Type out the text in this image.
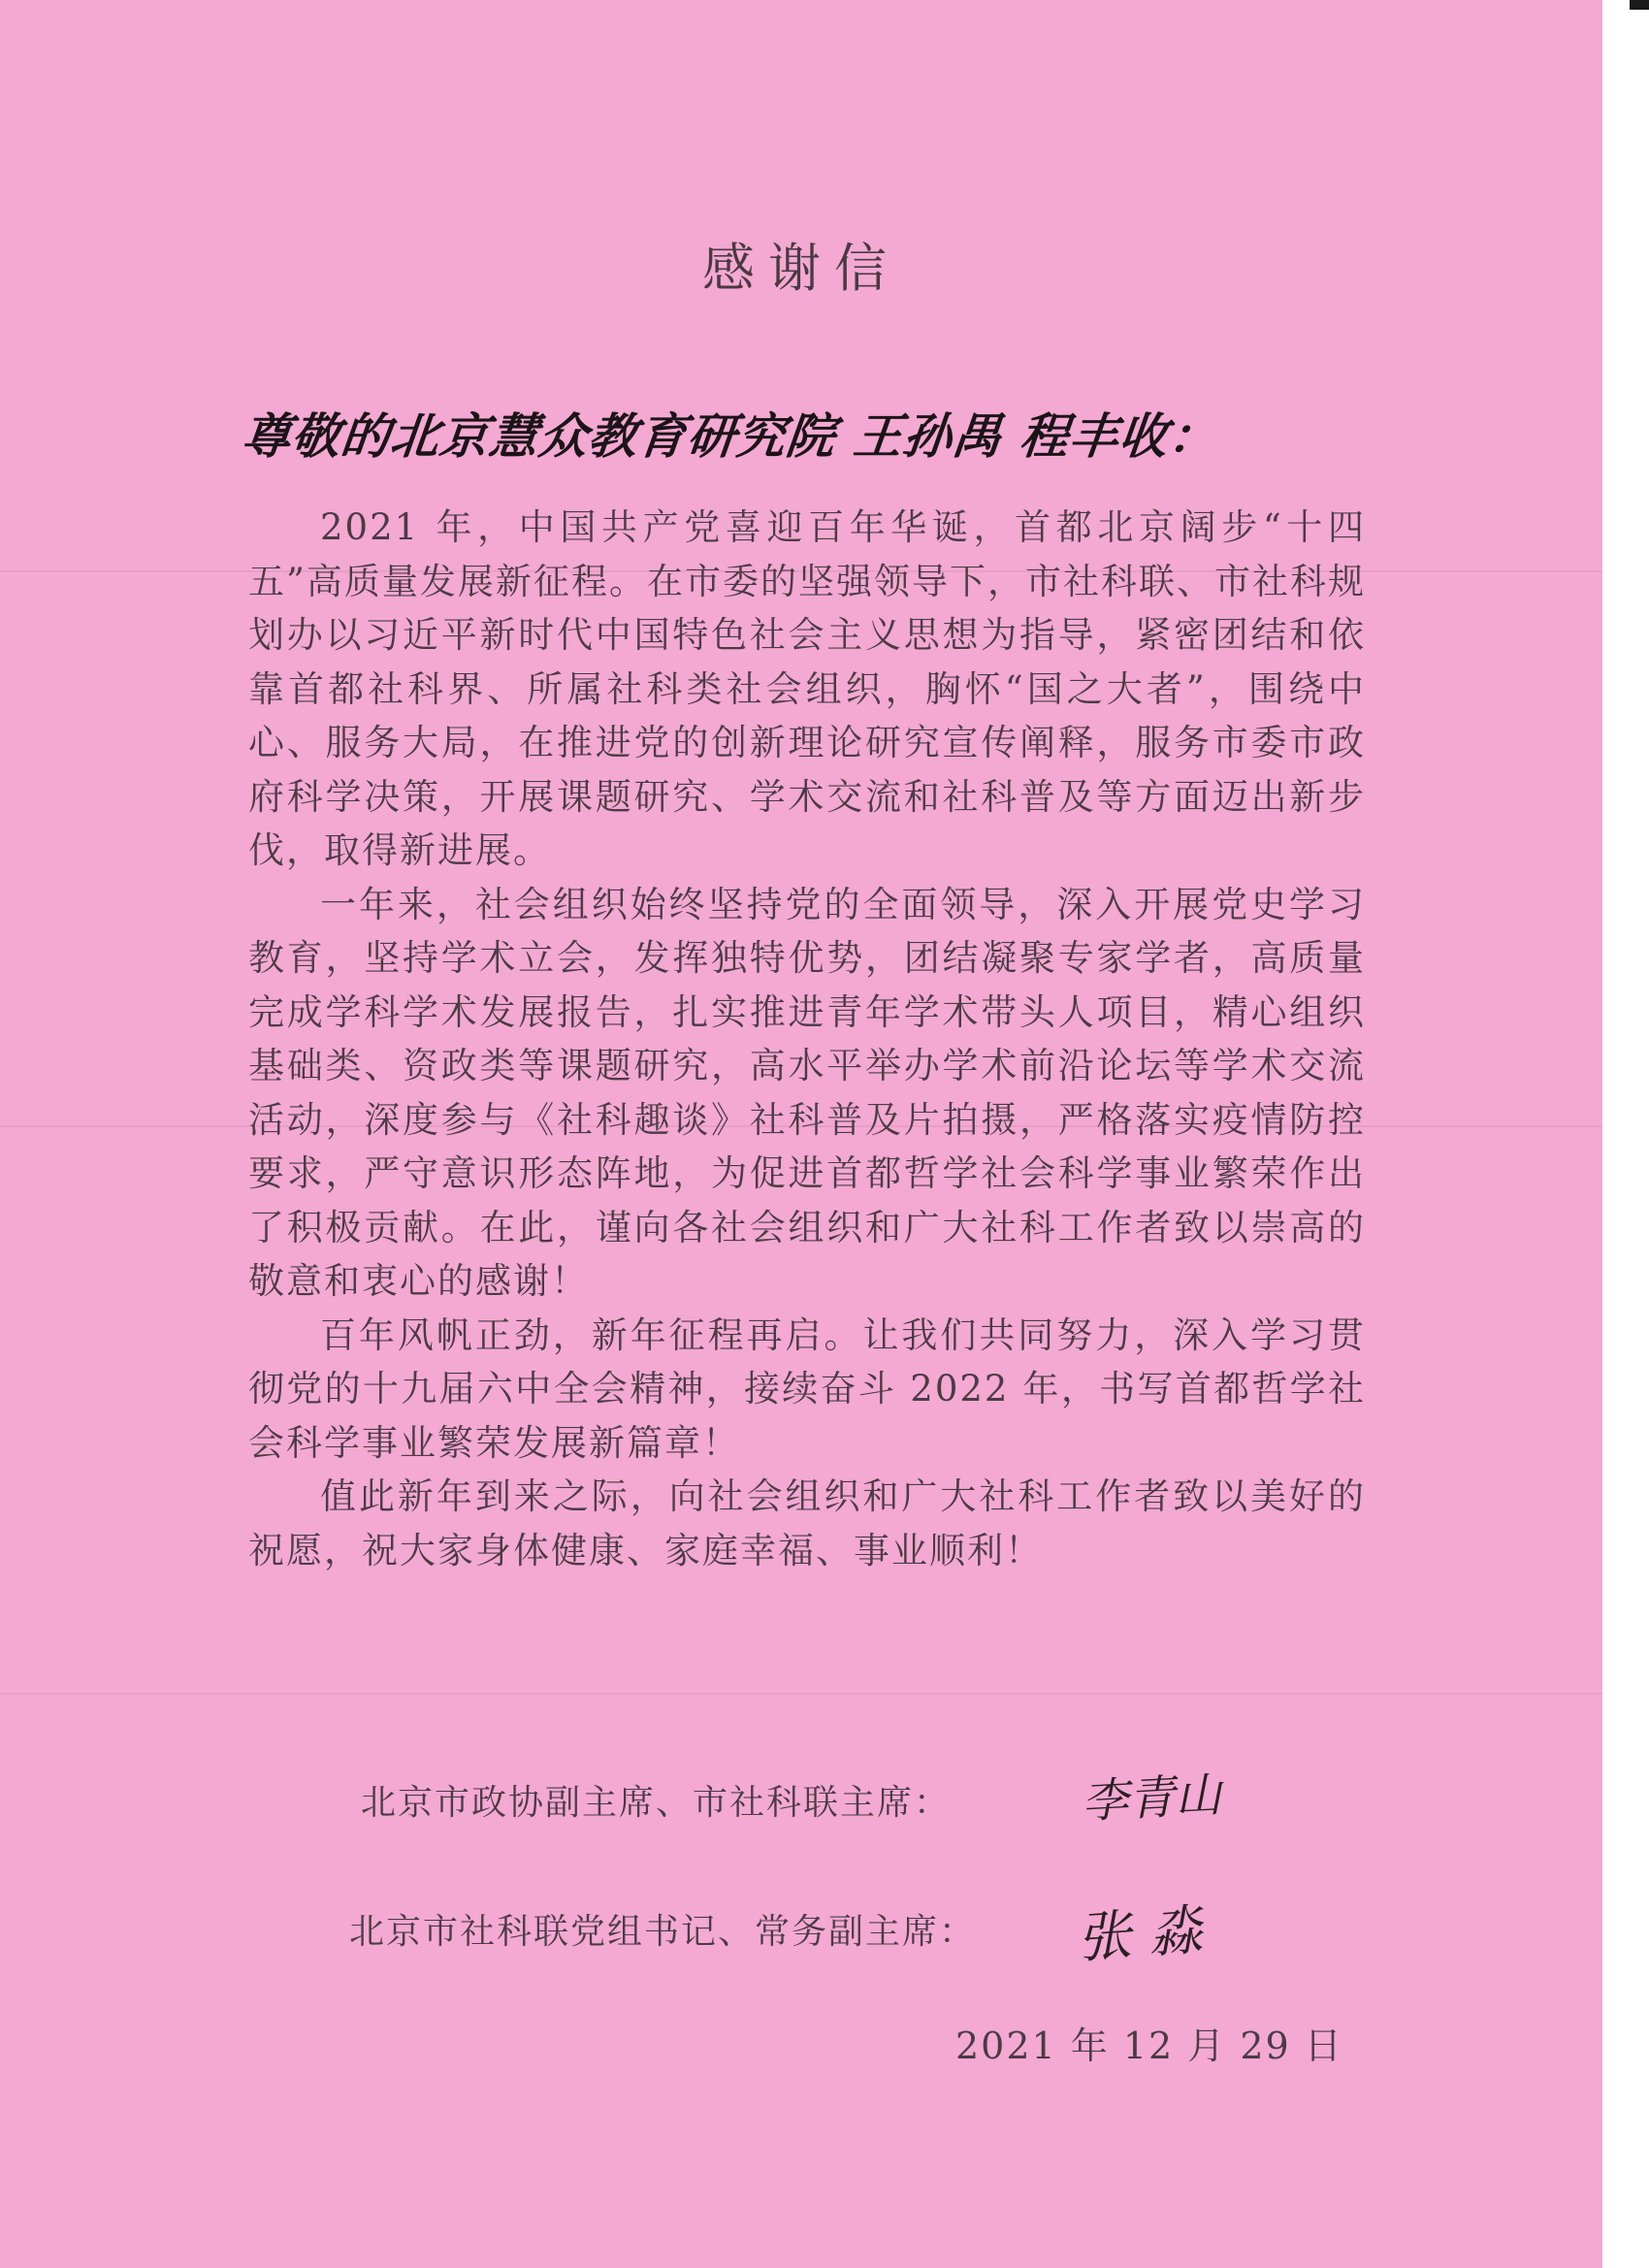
感谢信
尊敬的北京慧众教育研究院 王孙禺 程丰收：

2021 年，中国共产党喜迎百年华诞，首都北京阔步“十四五”高质量发展新征程。在市委的坚强领导下，市社科联、市社科规划办以习近平新时代中国特色社会主义思想为指导，紧密团结和依靠首都社科界、所属社科类社会组织，胸怀“国之大者”，围绕中心、服务大局，在推进党的创新理论研究宣传阐释，服务市委市政府科学决策，开展课题研究、学术交流和社科普及等方面迈出新步伐，取得新进展。

一年来，社会组织始终坚持党的全面领导，深入开展党史学习教育，坚持学术立会，发挥独特优势，团结凝聚专家学者，高质量完成学科学术发展报告，扎实推进青年学术带头人项目，精心组织基础类、资政类等课题研究，高水平举办学术前沿论坛等学术交流活动，深度参与《社科趣谈》社科普及片拍摄，严格落实疫情防控要求，严守意识形态阵地，为促进首都哲学社会科学事业繁荣作出了积极贡献。在此，谨向各社会组织和广大社科工作者致以崇高的敬意和衷心的感谢！

百年风帆正劲，新年征程再启。让我们共同努力，深入学习贯彻党的十九届六中全会精神，接续奋斗 2022 年，书写首都哲学社会科学事业繁荣发展新篇章！

值此新年到来之际，向社会组织和广大社科工作者致以美好的祝愿，祝大家身体健康、家庭幸福、事业顺利！

北京市政协副主席、市社科联主席：	李青山
北京市社科联党组书记、常务副主席： 张 淼
2021 年 12 月 29 日
